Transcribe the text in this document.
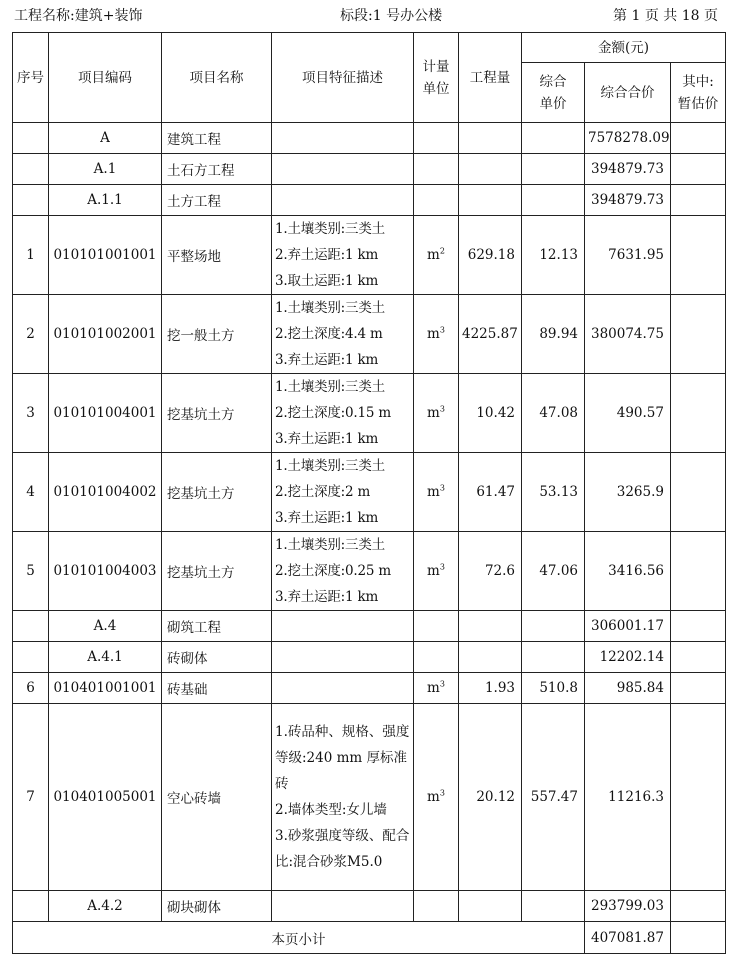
工程名称:建筑+装饰	标段:1 号办公楼	第 1 页 共 18 页
序号	项目编码	项目名称	项目特征描述	计量单位	工程量	金额(元)		
						综合单价	综合合价	其中:暂估价
	A	建筑工程					7578278.09	
	A.1	土石方工程					394879.73	
	A.1.1	土方工程					394879.73	
1	010101001001	平整场地	1.土壤类别:三类土
2.弃土运距:1 km
3.取土运距:1 km	$m^2$	629.18	12.13	7631.95	
2	010101002001	挖一般土方	1.土壤类别:三类土
2.挖土深度:4.4 m
3.弃土运距:1 km	$m^3$	4225.87	89.94	380074.75	
3	010101004001	挖基坑土方	1.土壤类别:三类土
2.挖土深度:0.15 m
3.弃土运距:1 km	$m^3$	10.42	47.08	490.57	
4	010101004002	挖基坑土方	1.土壤类别:三类土
2.挖土深度:2 m
3.弃土运距:1 km	$m^3$	61.47	53.13	3265.9	
5	010101004003	挖基坑土方	1.土壤类别:三类土
2.挖土深度:0.25 m
3.弃土运距:1 km	$m^3$	72.6	47.06	3416.56	
	A.4	砌筑工程					306001.17	
	A.4.1	砖砌体					12202.14	
6	010401001001	砖基础		$m^3$	1.93	510.8	985.84	
7	010401005001	空心砖墙	1.砖品种、规格、强度等级:240 mm 厚标准砖
2.墙体类型:女儿墙
3.砂浆强度等级、配合比:混合砂浆M5.0	$m^3$	20.12	557.47	11216.3	
	A.4.2	砌块砌体					293799.03	
本页小计							407081.87	
